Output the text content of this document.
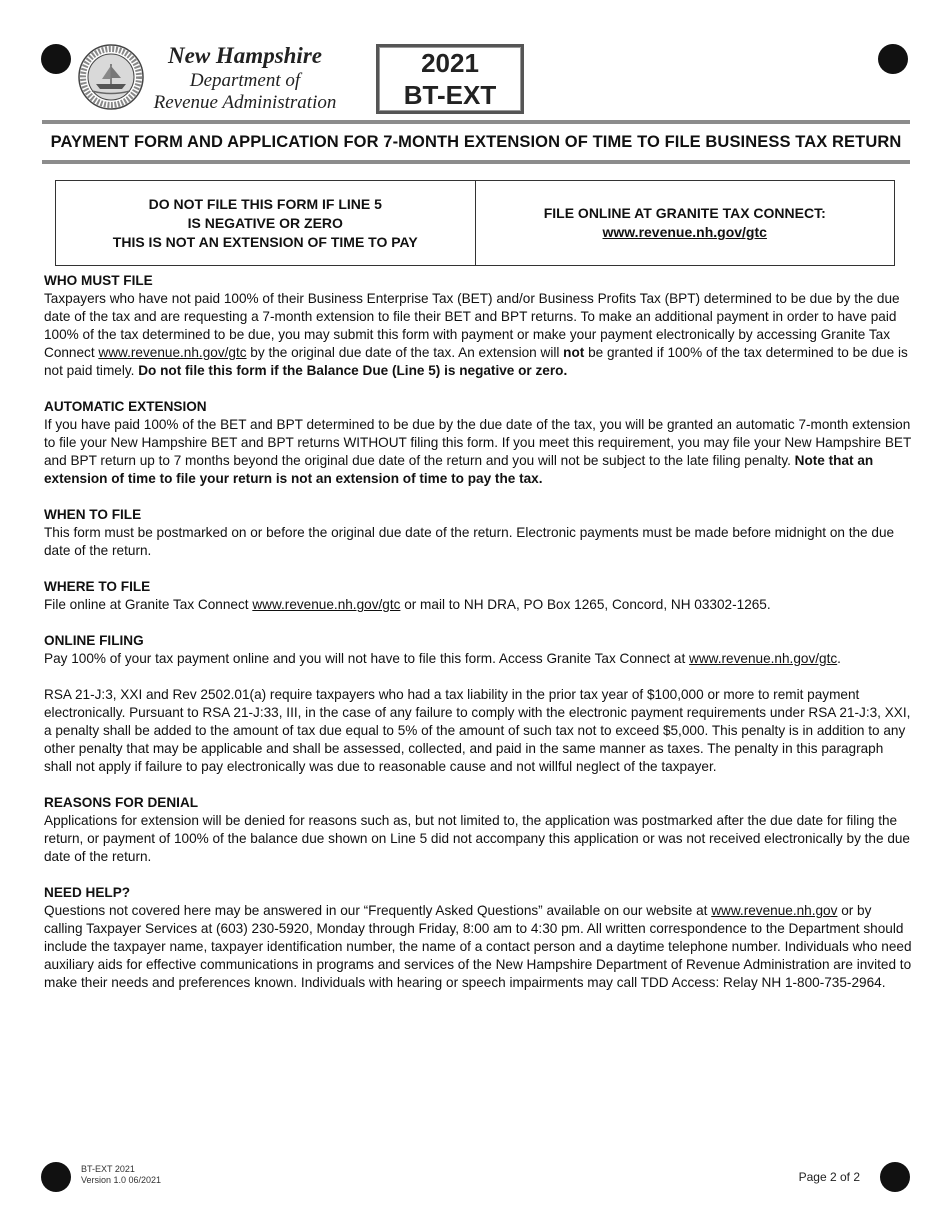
New Hampshire
Department of
Revenue Administration
2021
BT-EXT
PAYMENT FORM AND APPLICATION FOR 7-MONTH EXTENSION OF TIME TO FILE BUSINESS TAX RETURN
DO NOT FILE THIS FORM IF LINE 5
IS NEGATIVE OR ZERO
THIS IS NOT AN EXTENSION OF TIME TO PAY
FILE ONLINE AT GRANITE TAX CONNECT:
www.revenue.nh.gov/gtc
WHO MUST FILE

Taxpayers who have not paid 100% of their Business Enterprise Tax (BET) and/or Business Profits Tax (BPT) determined to be due by the due date of the tax and are requesting a 7-month extension to file their BET and BPT returns. To make an additional payment in order to have paid 100% of the tax determined to be due, you may submit this form with payment or make your payment electronically by accessing Granite Tax Connect www.revenue.nh.gov/gtc by the original due date of the tax. An extension will not be granted if 100% of the tax determined to be due is not paid timely. Do not file this form if the Balance Due (Line 5) is negative or zero.

AUTOMATIC EXTENSION

If you have paid 100% of the BET and BPT determined to be due by the due date of the tax, you will be granted an automatic 7-month extension to file your New Hampshire BET and BPT returns WITHOUT filing this form. If you meet this requirement, you may file your New Hampshire BET and BPT return up to 7 months beyond the original due date of the return and you will not be subject to the late filing penalty. Note that an extension of time to file your return is not an extension of time to pay the tax.

WHEN TO FILE

This form must be postmarked on or before the original due date of the return. Electronic payments must be made before midnight on the due date of the return.

WHERE TO FILE

File online at Granite Tax Connect www.revenue.nh.gov/gtc or mail to NH DRA, PO Box 1265, Concord, NH 03302-1265.

ONLINE FILING

Pay 100% of your tax payment online and you will not have to file this form. Access Granite Tax Connect at www.revenue.nh.gov/gtc.

RSA 21-J:3, XXI and Rev 2502.01(a) require taxpayers who had a tax liability in the prior tax year of $100,000 or more to remit payment electronically. Pursuant to RSA 21-J:33, III, in the case of any failure to comply with the electronic payment requirements under RSA 21-J:3, XXI, a penalty shall be added to the amount of tax due equal to 5% of the amount of such tax not to exceed $5,000. This penalty is in addition to any other penalty that may be applicable and shall be assessed, collected, and paid in the same manner as taxes. The penalty in this paragraph shall not apply if failure to pay electronically was due to reasonable cause and not willful neglect of the taxpayer.

REASONS FOR DENIAL

Applications for extension will be denied for reasons such as, but not limited to, the application was postmarked after the due date for filing the return, or payment of 100% of the balance due shown on Line 5 did not accompany this application or was not received electronically by the due date of the return.

NEED HELP?

Questions not covered here may be answered in our “Frequently Asked Questions” available on our website at www.revenue.nh.gov or by calling Taxpayer Services at (603) 230-5920, Monday through Friday, 8:00 am to 4:30 pm. All written correspondence to the Department should include the taxpayer name, taxpayer identification number, the name of a contact person and a daytime telephone number. Individuals who need auxiliary aids for effective communications in programs and services of the New Hampshire Department of Revenue Administration are invited to make their needs and preferences known. Individuals with hearing or speech impairments may call TDD Access: Relay NH 1-800-735-2964.

BT-EXT 2021
Version 1.0 06/2021	Page 2 of 2
